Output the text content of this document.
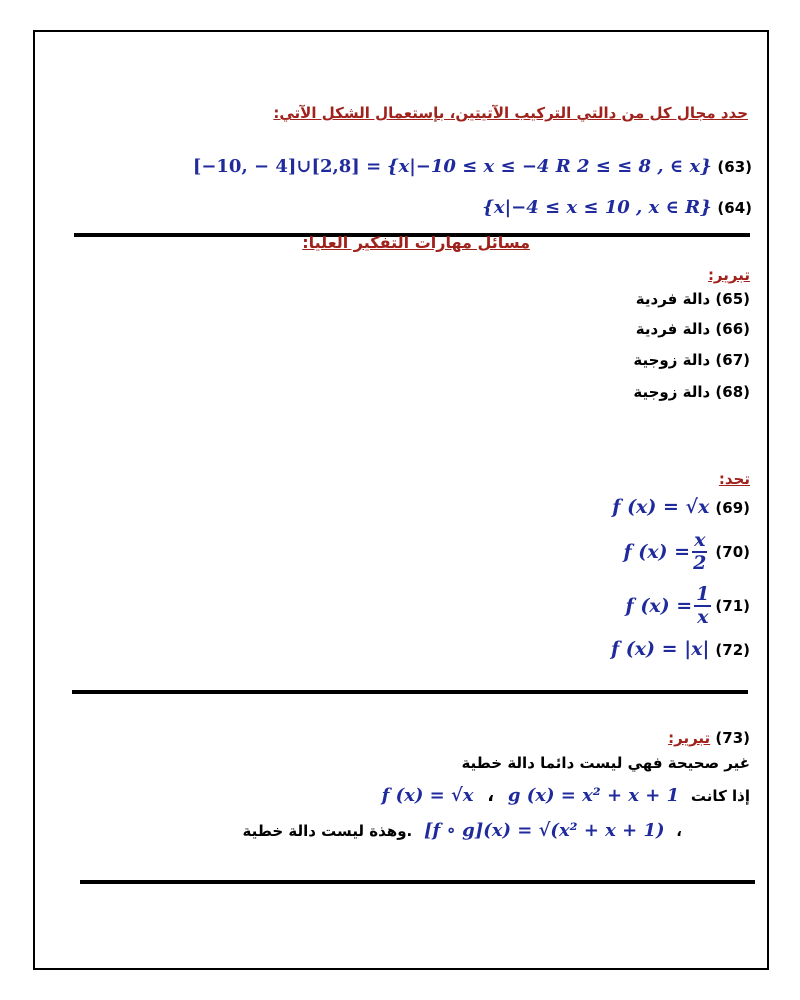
حدد مجال كل من دالتي التركيب الآتيتين، بإستعمال الشكل الآتي:
[−10, − 4]∪[2,8] = {x|−10 ≤ x ≤ −4 R 2 ≤ ≤ 8 , ∈ x} (63)
{x|−4 ≤ x ≤ 10 , x ∈ R} (64)
مسائل مهارات التفكير العليا:
تبرير:
(65) دالة فردية
(66) دالة فردية
(67) دالة زوجية
(68) دالة زوجية
تحد:
f (x) = √x (69)
f $(x) = \frac{x}{2} (70)$
f $(x) = \frac{1}{x} (71)$
f (x) = |x| (72)
(73) تبرير:
غير صحيحة فهي ليست دائما دالة خطية
f (x) = √x ، g (x) = x² + x + 1 إذا كانت
وهذة ليست دالة خطية. [f ∘ g](x) = √(x² + x + 1) ،
